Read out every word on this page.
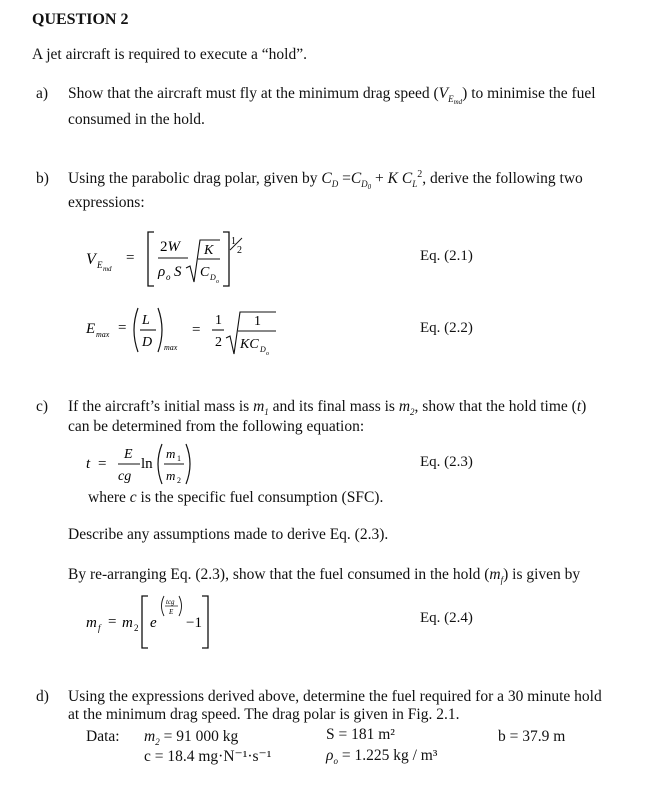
QUESTION 2
A jet aircraft is required to execute a “hold”.
a) Show that the aircraft must fly at the minimum drag speed $(V_{Emd})$ to minimise the fuel
consumed in the hold.
b) Using the parabolic drag polar, given by $C_D =C_{D0} + K$ $C_L^2$, derive the following two
expressions:
V E md
=
2W
ρ o S
K
C D o
1
2	Eq. (2.1)
E max = L
D max
=
1
2
1
KC D o
Eq. (2.2)
c) If the aircraft’s initial mass is $m_1$ and its final mass is $m_2$, show that the hold time (t)
can be determined from the following equation:
t =
E
cg
ln
m 1
m 2
Eq. (2.3)
where c is the specific fuel consumption (SFC).
Describe any assumptions made to derive Eq. (2.3).
By re-arranging Eq. (2.3), show that the fuel consumed in the hold $(m_f)$ is given by
m f = m 2 e
tcg
E
−1	Eq. (2.4)
d) Using the expressions derived above, determine the fuel required for a 30 minute hold
at the minimum drag speed. The drag polar is given in Fig. 2.1.
Data: $m_2 = 91$ 000 kg	S = 181 m²	b = 37.9 m
c = 18.4 mg·N⁻¹·s⁻¹	$\rho_o = 1.225$ kg / m³
